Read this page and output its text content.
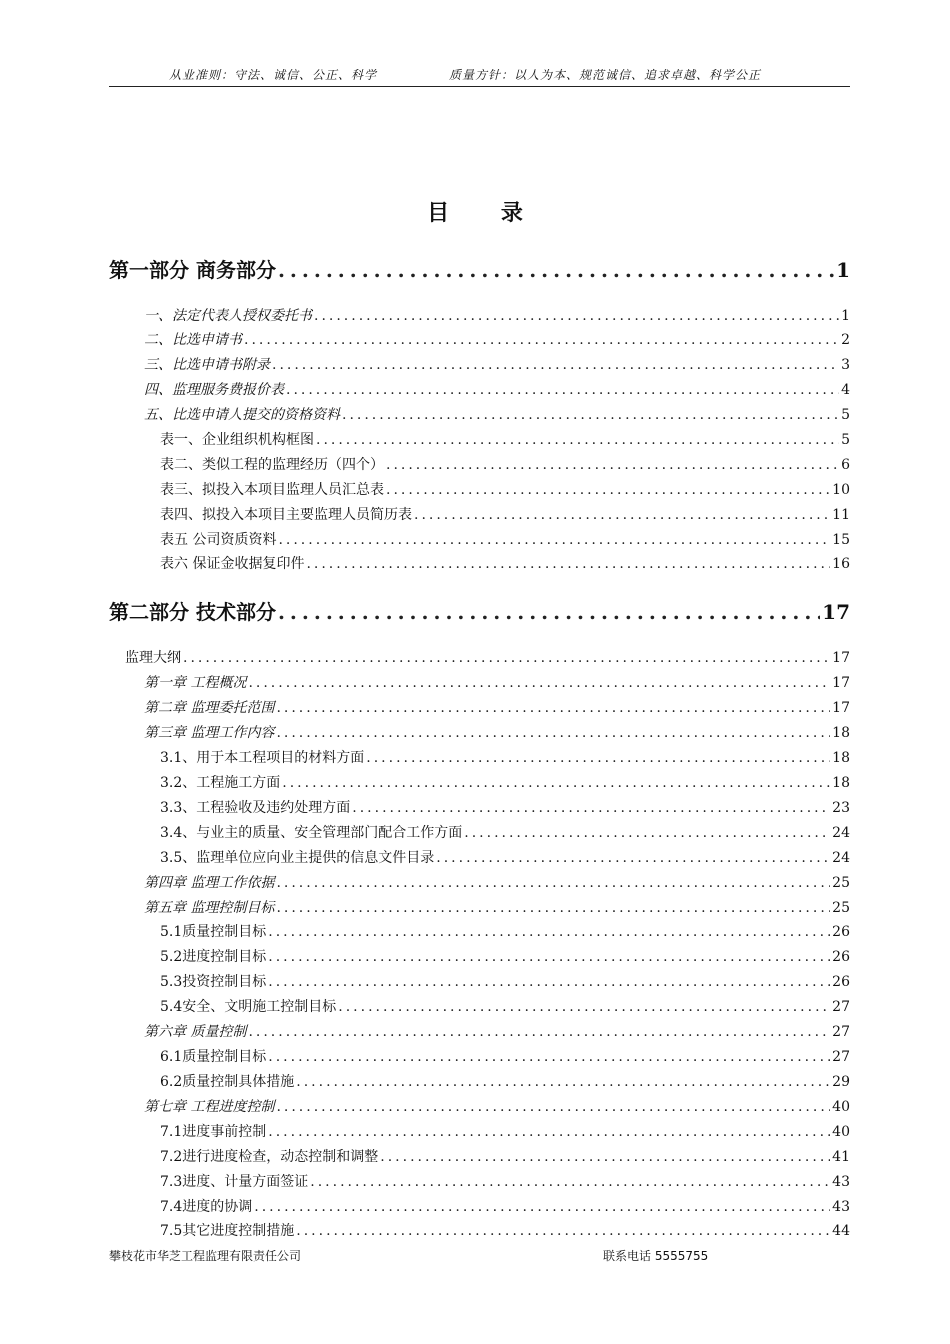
从业准则：守法、诚信、公正、科学	质量方针：以人为本、规范诚信、追求卓越、科学公正
目 录
第一部分 商务部分 .....	1
一、法定代表人授权委托书 .....	1
二、比选申请书 .....	2
三、比选申请书附录 .....	3
四、监理服务费报价表 .....	4
五、比选申请人提交的资格资料 .....	5
表一、企业组织机构框图 .....	5
表二、类似工程的监理经历（四个） .....	6
表三、拟投入本项目监理人员汇总表 .....	10
表四、拟投入本项目主要监理人员简历表 .....	11
表五 公司资质资料 .....	15
表六 保证金收据复印件 .....	16
第二部分 技术部分 .....	17
监理大纲 .....	17
第一章 工程概况 .....	17
第二章 监理委托范围 .....	17
第三章 监理工作内容 .....	18
3.1、用于本工程项目的材料方面 .....	18
3.2、工程施工方面 .....	18
3.3、工程验收及违约处理方面 .....	23
3.4、与业主的质量、安全管理部门配合工作方面 .....	24
3.5、监理单位应向业主提供的信息文件目录 .....	24
第四章 监理工作依据 .....	25
第五章 监理控制目标 .....	25
5.1质量控制目标 .....	26
5.2进度控制目标 .....	26
5.3投资控制目标 .....	26
5.4安全、文明施工控制目标 .....	27
第六章 质量控制 .....	27
6.1质量控制目标 .....	27
6.2质量控制具体措施 .....	29
第七章 工程进度控制 .....	40
7.1进度事前控制 .....	40
7.2进行进度检查，动态控制和调整 .....	41
7.3进度、计量方面签证 .....	43
7.4进度的协调 .....	43
7.5其它进度控制措施 .....	44
攀枝花市华芝工程监理有限责任公司	联系电话 5555755
